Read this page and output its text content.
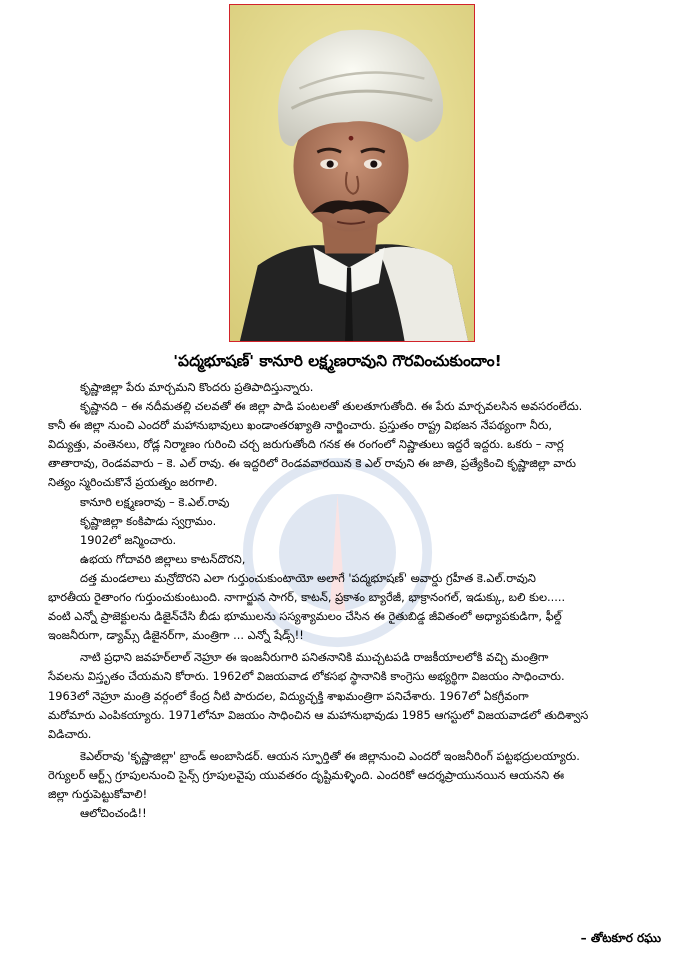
'పద్మభూషణ్' కానూరి లక్ష్మణరావుని గౌరవించుకుందాం!

కృష్ణాజిల్లా పేరు మార్చమని కొందరు ప్రతిపాదిస్తున్నారు.

కృష్ణానది – ఈ నదీమతల్లి చలవతో ఈ జిల్లా పాడి పంటలతో తులతూగుతోంది. ఈ పేరు మార్చవలసిన అవసరంలేదు.

కానీ ఈ జిల్లా నుంచి ఎందరో మహానుభావులు ఖండాంతరఖ్యాతి నార్జించారు. ప్రస్తుతం రాష్ట్ర విభజన నేపథ్యంగా నీరు,

విద్యుత్తు, వంతెనలు, రోడ్ల నిర్మాణం గురించి చర్చ జరుగుతోంది గనక ఈ రంగంలో నిష్ణాతులు ఇద్దరే ఇద్దరు. ఒకరు – నార్ల

తాతారావు, రెండవవారు – కె. ఎల్ రావు. ఈ ఇద్దరిలో రెండవవారయిన కె ఎల్ రావుని ఈ జాతి, ప్రత్యేకించి కృష్ణాజిల్లా వారు

నిత్యం స్మరించుకొనే ప్రయత్నం జరగాలి.

కానూరి లక్ష్మణరావు – కె.ఎల్.రావు

కృష్ణాజిల్లా కంకిపాడు స్వగ్రామం.

1902లో జన్మించారు.

ఉభయ గోదావరి జిల్లాలు కాటన్‌దొరని,

దత్త మండలాలు మన్రోదొరని ఎలా గుర్తుంచుకుంటాయో అలాగే 'పద్మభూషణ్' అవార్డు గ్రహీత కె.ఎల్.రావుని

భారతీయ రైతాంగం గుర్తుంచుకుంటుంది. నాగార్జున సాగర్, కాటన్, ప్రకాశం బ్యారేజీ, భాక్రానంగల్, ఇడుక్కు, బలి కుల.....

వంటి ఎన్నో ప్రాజెక్టులను డిజైన్‌చేసి బీడు భూములను సస్యశ్యామలం చేసిన ఈ రైతుబిడ్డ జీవితంలో అధ్యాపకుడిగా, ఫీల్డ్

ఇంజనీరుగా, డ్యామ్స్ డిజైనర్‌గా, మంత్రిగా ... ఎన్నో షేడ్స్!!

నాటి ప్రధాని జవహర్‌లాల్ నెహ్రూ ఈ ఇంజనీరుగారి పనితనానికి ముచ్చటపడి రాజకీయాలలోకి వచ్చి మంత్రిగా

సేవలను విస్తృతం చేయమని కోరారు. 1962లో విజయవాడ లోకసభ స్థానానికి కాంగ్రెసు అభ్యర్థిగా విజయం సాధించారు.

1963లో నెహ్రూ మంత్రి వర్గంలో కేంద్ర నీటి పారుదల, విద్యుచ్ఛక్తి శాఖమంత్రిగా పనిచేశారు. 1967లో ఏకగ్రీవంగా

మరోమారు ఎంపికయ్యారు. 1971లోనూ విజయం సాధించిన ఆ మహానుభావుడు 1985 ఆగస్టులో విజయవాడలో తుదిశ్వాస

విడిచారు.

కెఎల్‌రావు 'కృష్ణాజిల్లా' బ్రాండ్ అంబాసిడర్. ఆయన స్ఫూర్తితో ఈ జిల్లానుంచి ఎందరో ఇంజనీరింగ్ పట్టభద్రులయ్యారు.

రెగ్యులర్ ఆర్ట్స్ గ్రూపులనుంచి సైన్స్ గ్రూపులవైపు యువతరం దృష్టిమళ్ళింది. ఎందరికో ఆదర్శప్రాయునయిన ఆయనని ఈ

జిల్లా గుర్తుపెట్టుకోవాలి!

ఆలోచించండి!!

– తోటకూర రఘు
